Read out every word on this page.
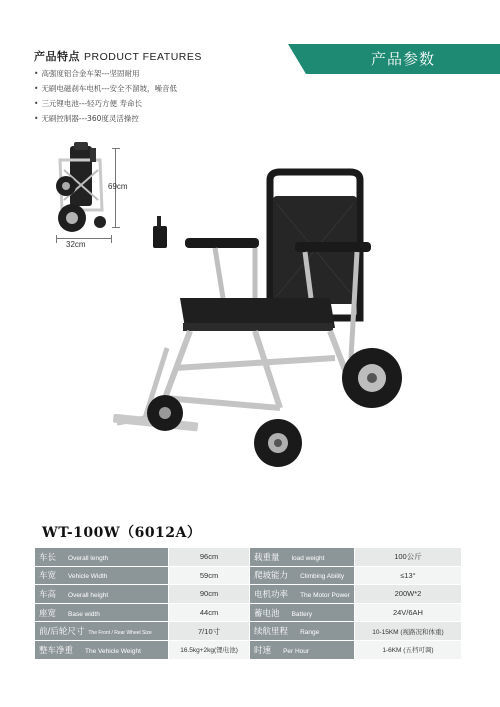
产品特点 PRODUCT FEATURES
• 高强度铝合金车架---坚固耐用
• 无刷电磁刹车电机---安全不溜坡，噪音低
• 三元锂电池---轻巧方便 寿命长
• 无刷控制器---360度灵活操控
产品参数
69cm
32cm
WT-100W（6012A）
车长 Overall length	96cm	载重量 load weight	100公斤
车宽 Vehicle Width	59cm	爬坡能力 Climbing Ability	≤13°
车高 Overall height	90cm	电机功率 The Motor Power	200W*2
座宽 Base width	44cm	蓄电池 Battery	24V/6AH
前/后轮尺寸 The Front / Rear Wheel Size	7/10寸	续航里程 Range	10-15KM (视路况和体重)
整车净重 The Vehicle Weight	16.5kg+2kg(锂电池)	时速 Per Hour	1-6KM (五档可调)
